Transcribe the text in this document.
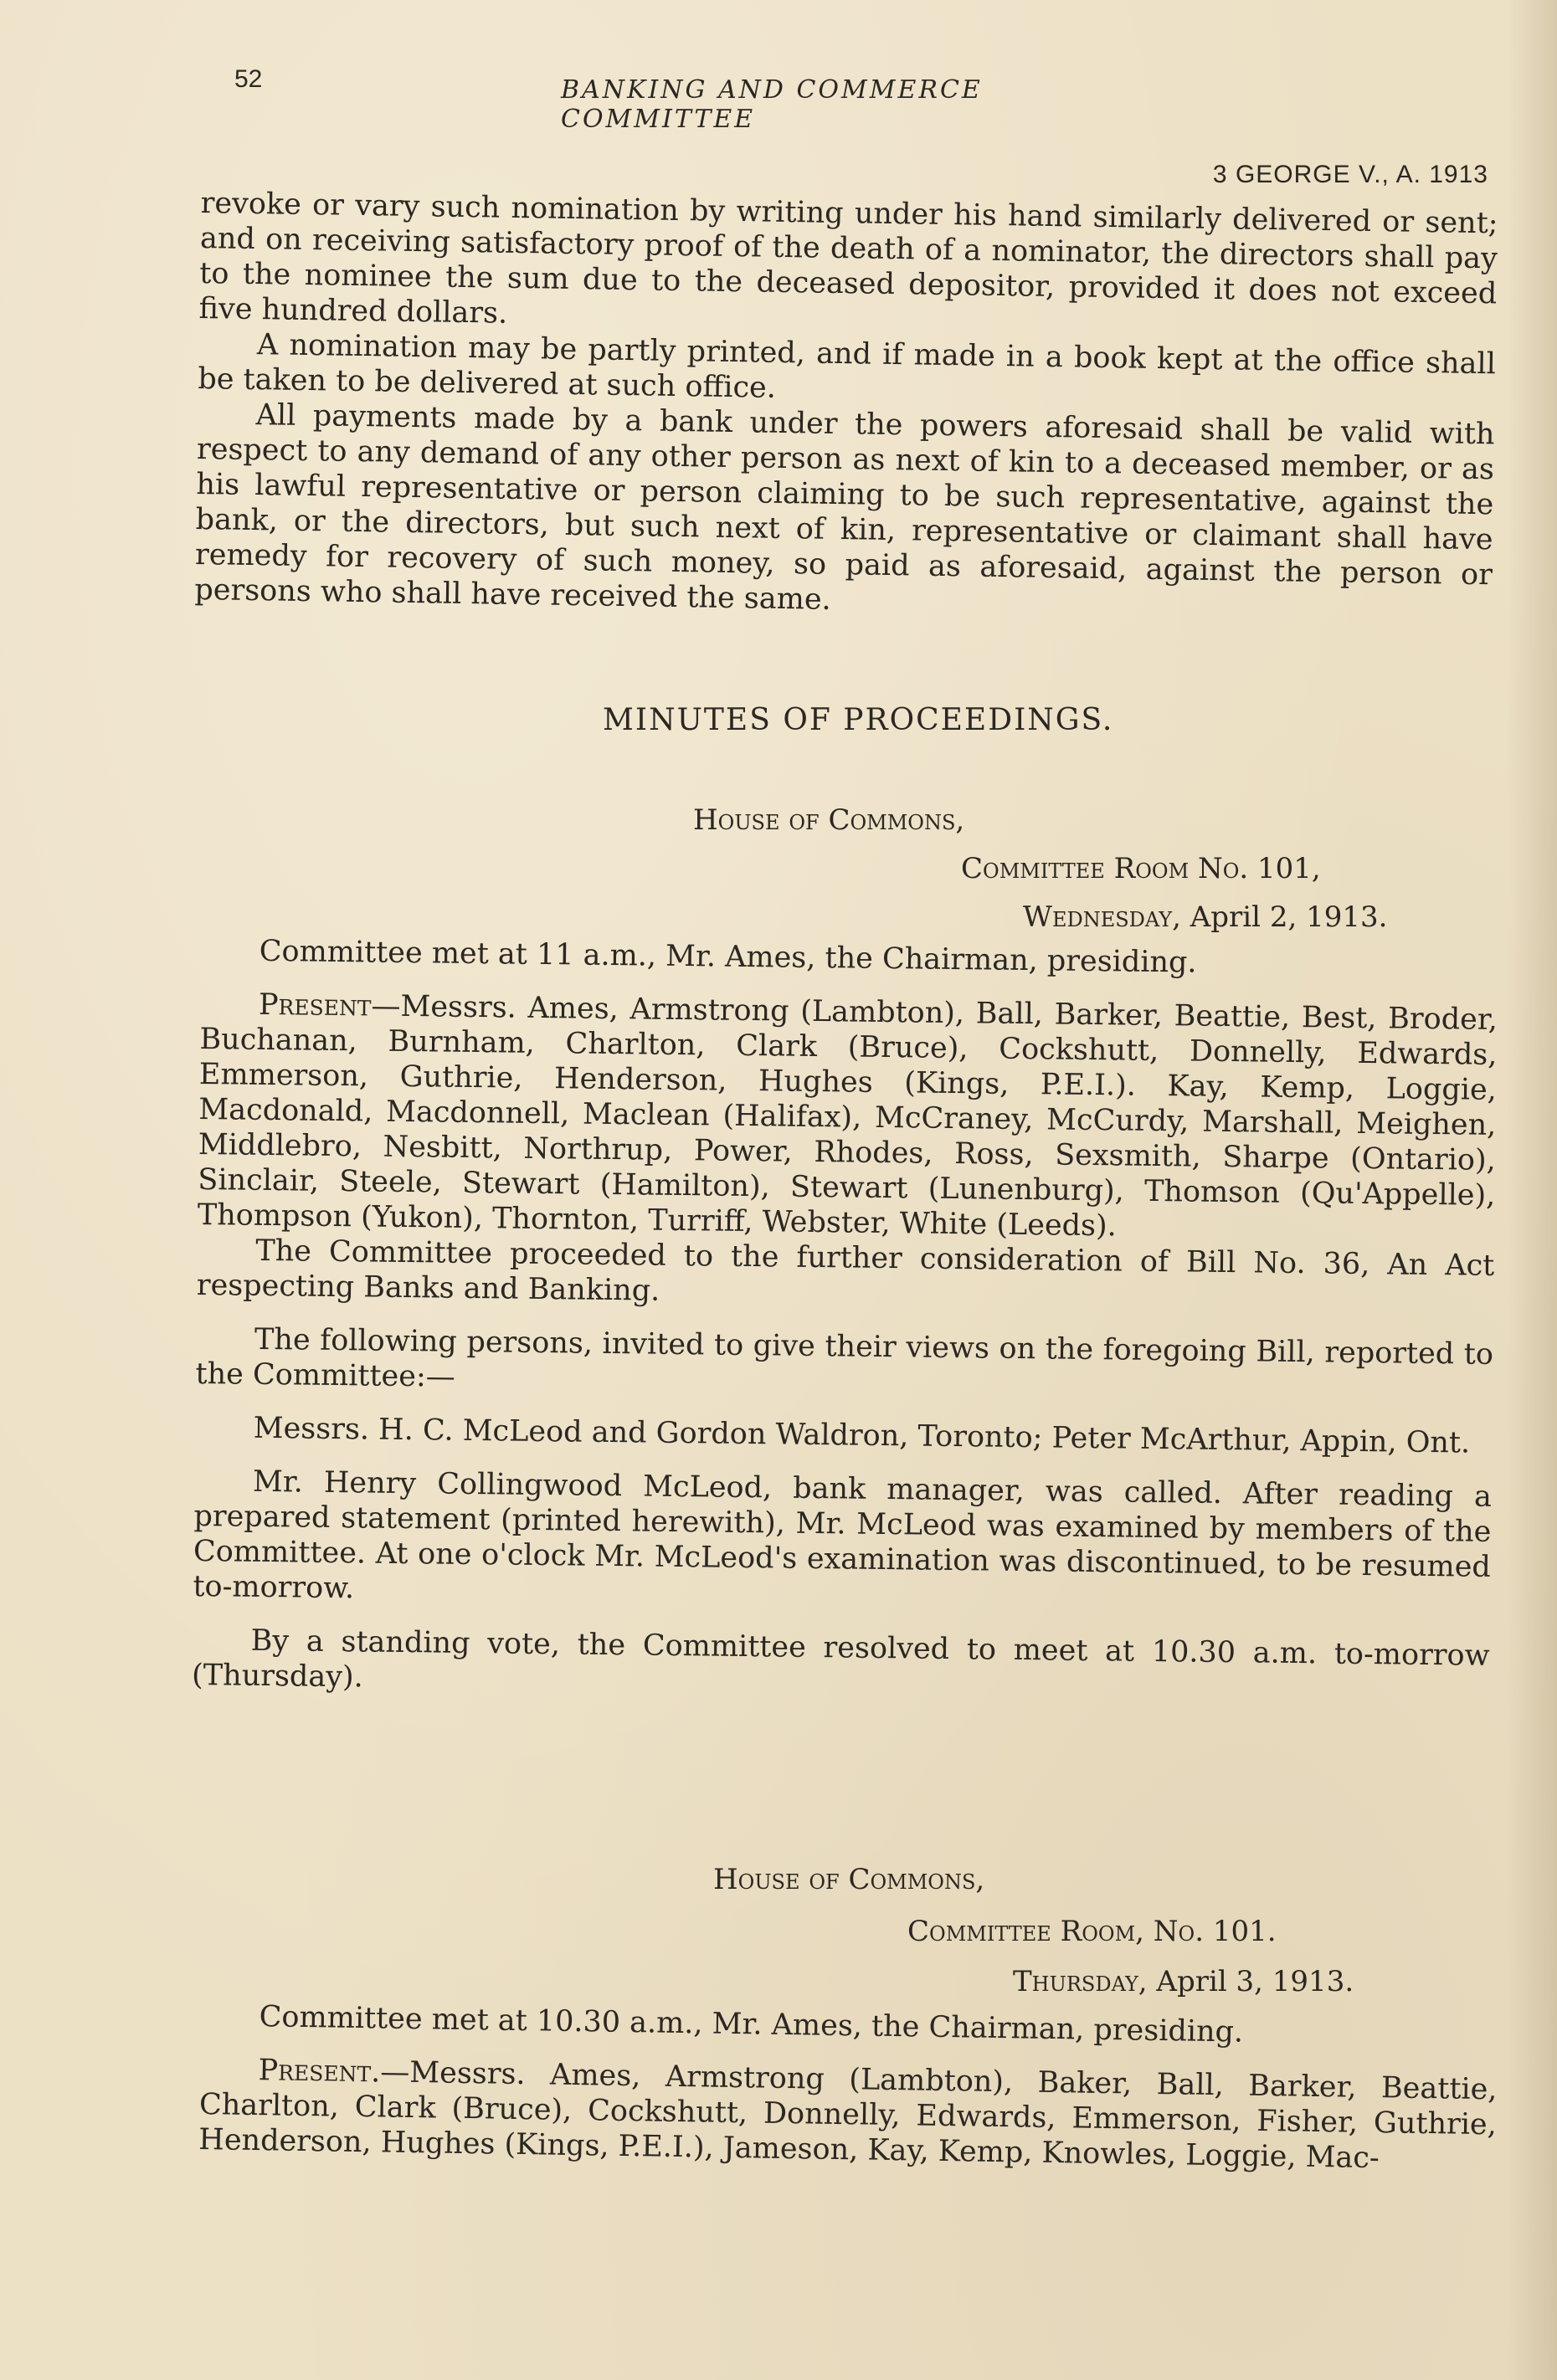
52	BANKING AND COMMERCE COMMITTEE
3 GEORGE V., A. 1913

revoke or vary such nomination by writing under his hand similarly delivered or sent; and on receiving satisfactory proof of the death of a nominator, the directors shall pay to the nominee the sum due to the deceased depositor, provided it does not exceed five hundred dollars.

A nomination may be partly printed, and if made in a book kept at the office shall be taken to be delivered at such office.

All payments made by a bank under the powers aforesaid shall be valid with respect to any demand of any other person as next of kin to a deceased member, or as his lawful representative or person claiming to be such representative, against the bank, or the directors, but such next of kin, representative or claimant shall have remedy for recovery of such money, so paid as aforesaid, against the person or persons who shall have received the same.

MINUTES OF PROCEEDINGS.
House of Commons,
Committee Room No. 101,
Wednesday, April 2, 1913.

Committee met at 11 a.m., Mr. Ames, the Chairman, presiding.

Present—Messrs. Ames, Armstrong (Lambton), Ball, Barker, Beattie, Best, Broder, Buchanan, Burnham, Charlton, Clark (Bruce), Cockshutt, Donnelly, Edwards, Emmerson, Guthrie, Henderson, Hughes (Kings, P.E.I.). Kay, Kemp, Loggie, Macdonald, Macdonnell, Maclean (Halifax), McCraney, McCurdy, Marshall, Meighen, Middlebro, Nesbitt, Northrup, Power, Rhodes, Ross, Sexsmith, Sharpe (Ontario), Sinclair, Steele, Stewart (Hamilton), Stewart (Lunenburg), Thomson (Qu'Appelle), Thompson (Yukon), Thornton, Turriff, Webster, White (Leeds).

The Committee proceeded to the further consideration of Bill No. 36, An Act respecting Banks and Banking.

The following persons, invited to give their views on the foregoing Bill, reported to the Committee:—

Messrs. H. C. McLeod and Gordon Waldron, Toronto; Peter McArthur, Appin, Ont.

Mr. Henry Collingwood McLeod, bank manager, was called. After reading a prepared statement (printed herewith), Mr. McLeod was examined by members of the Committee. At one o'clock Mr. McLeod's examination was discontinued, to be resumed to-morrow.

By a standing vote, the Committee resolved to meet at 10.30 a.m. to-morrow (Thursday).

House of Commons,
Committee Room, No. 101.
Thursday, April 3, 1913.

Committee met at 10.30 a.m., Mr. Ames, the Chairman, presiding.

Present.—Messrs. Ames, Armstrong (Lambton), Baker, Ball, Barker, Beattie, Charlton, Clark (Bruce), Cockshutt, Donnelly, Edwards, Emmerson, Fisher, Guthrie, Henderson, Hughes (Kings, P.E.I.), Jameson, Kay, Kemp, Knowles, Loggie, Mac-
